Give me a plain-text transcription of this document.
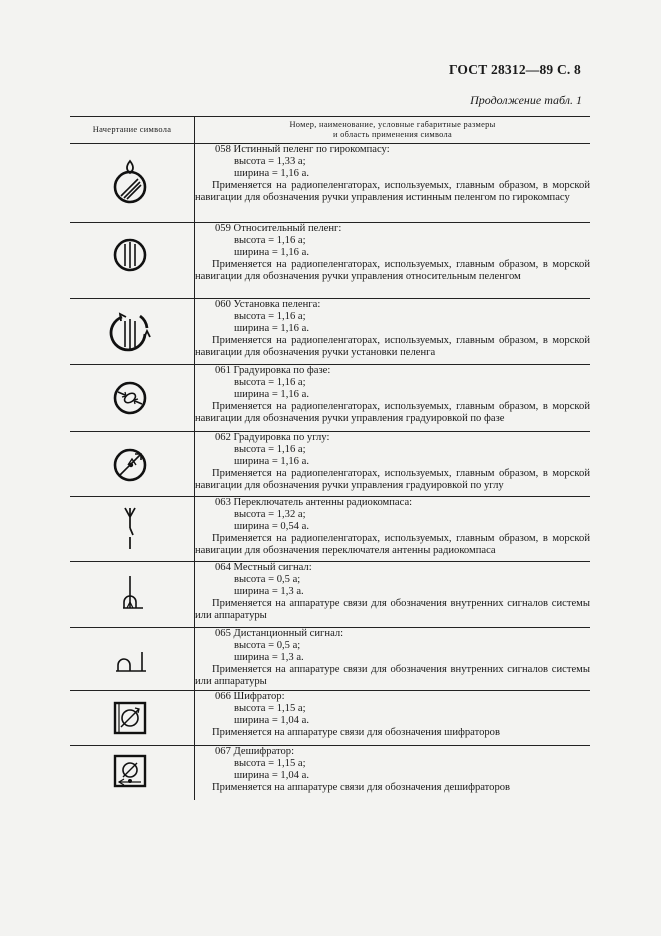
ГОСТ 28312—89 С. 8
Продолжение табл. 1
Начертание символа	Номер, наименование, условные габаритные размеры
и область применения символа

058 Истинный пеленг по гирокомпасу:
высота = 1,33 а;
ширина = 1,16 а.
Применяется на радиопеленгаторах, используемых, главным образом, в морской навигации для обозначения ручки управления истинным пеленгом по гирокомпасу

059 Относительный пеленг:
высота = 1,16 а;
ширина = 1,16 а.
Применяется на радиопеленгаторах, используемых, главным образом, в морской навигации для обозначения ручки управления относительным пеленгом

060 Установка пеленга:
высота = 1,16 а;
ширина = 1,16 а.
Применяется на радиопеленгаторах, используемых, главным образом, в морской навигации для обозначения ручки установки пеленга

061 Градуировка по фазе:
высота = 1,16 а;
ширина = 1,16 а.
Применяется на радиопеленгаторах, используемых, главным образом, в морской навигации для обозначения ручки управления градуировкой по фазе

062 Градуировка по углу:
высота = 1,16 а;
ширина = 1,16 а.
Применяется на радиопеленгаторах, используемых, главным образом, в морской навигации для обозначения ручки управления градуировкой по углу

063 Переключатель антенны радиокомпаса:
высота = 1,32 а;
ширина = 0,54 а.
Применяется на радиопеленгаторах, используемых, главным образом, в морской навигации для обозначения переключателя антенны радиокомпаса

064 Местный сигнал:
высота = 0,5 а;
ширина = 1,3 а.
Применяется на аппаратуре связи для обозначения внутренних сигналов системы или аппаратуры

065 Дистанционный сигнал:
высота = 0,5 а;
ширина = 1,3 а.
Применяется на аппаратуре связи для обозначения внутренних сигналов системы или аппаратуры

066 Шифратор:
высота = 1,15 а;
ширина = 1,04 а.
Применяется на аппаратуре связи для обозначения шифраторов

067 Дешифратор:
высота = 1,15 а;
ширина = 1,04 а.
Применяется на аппаратуре связи для обозначения дешифраторов
